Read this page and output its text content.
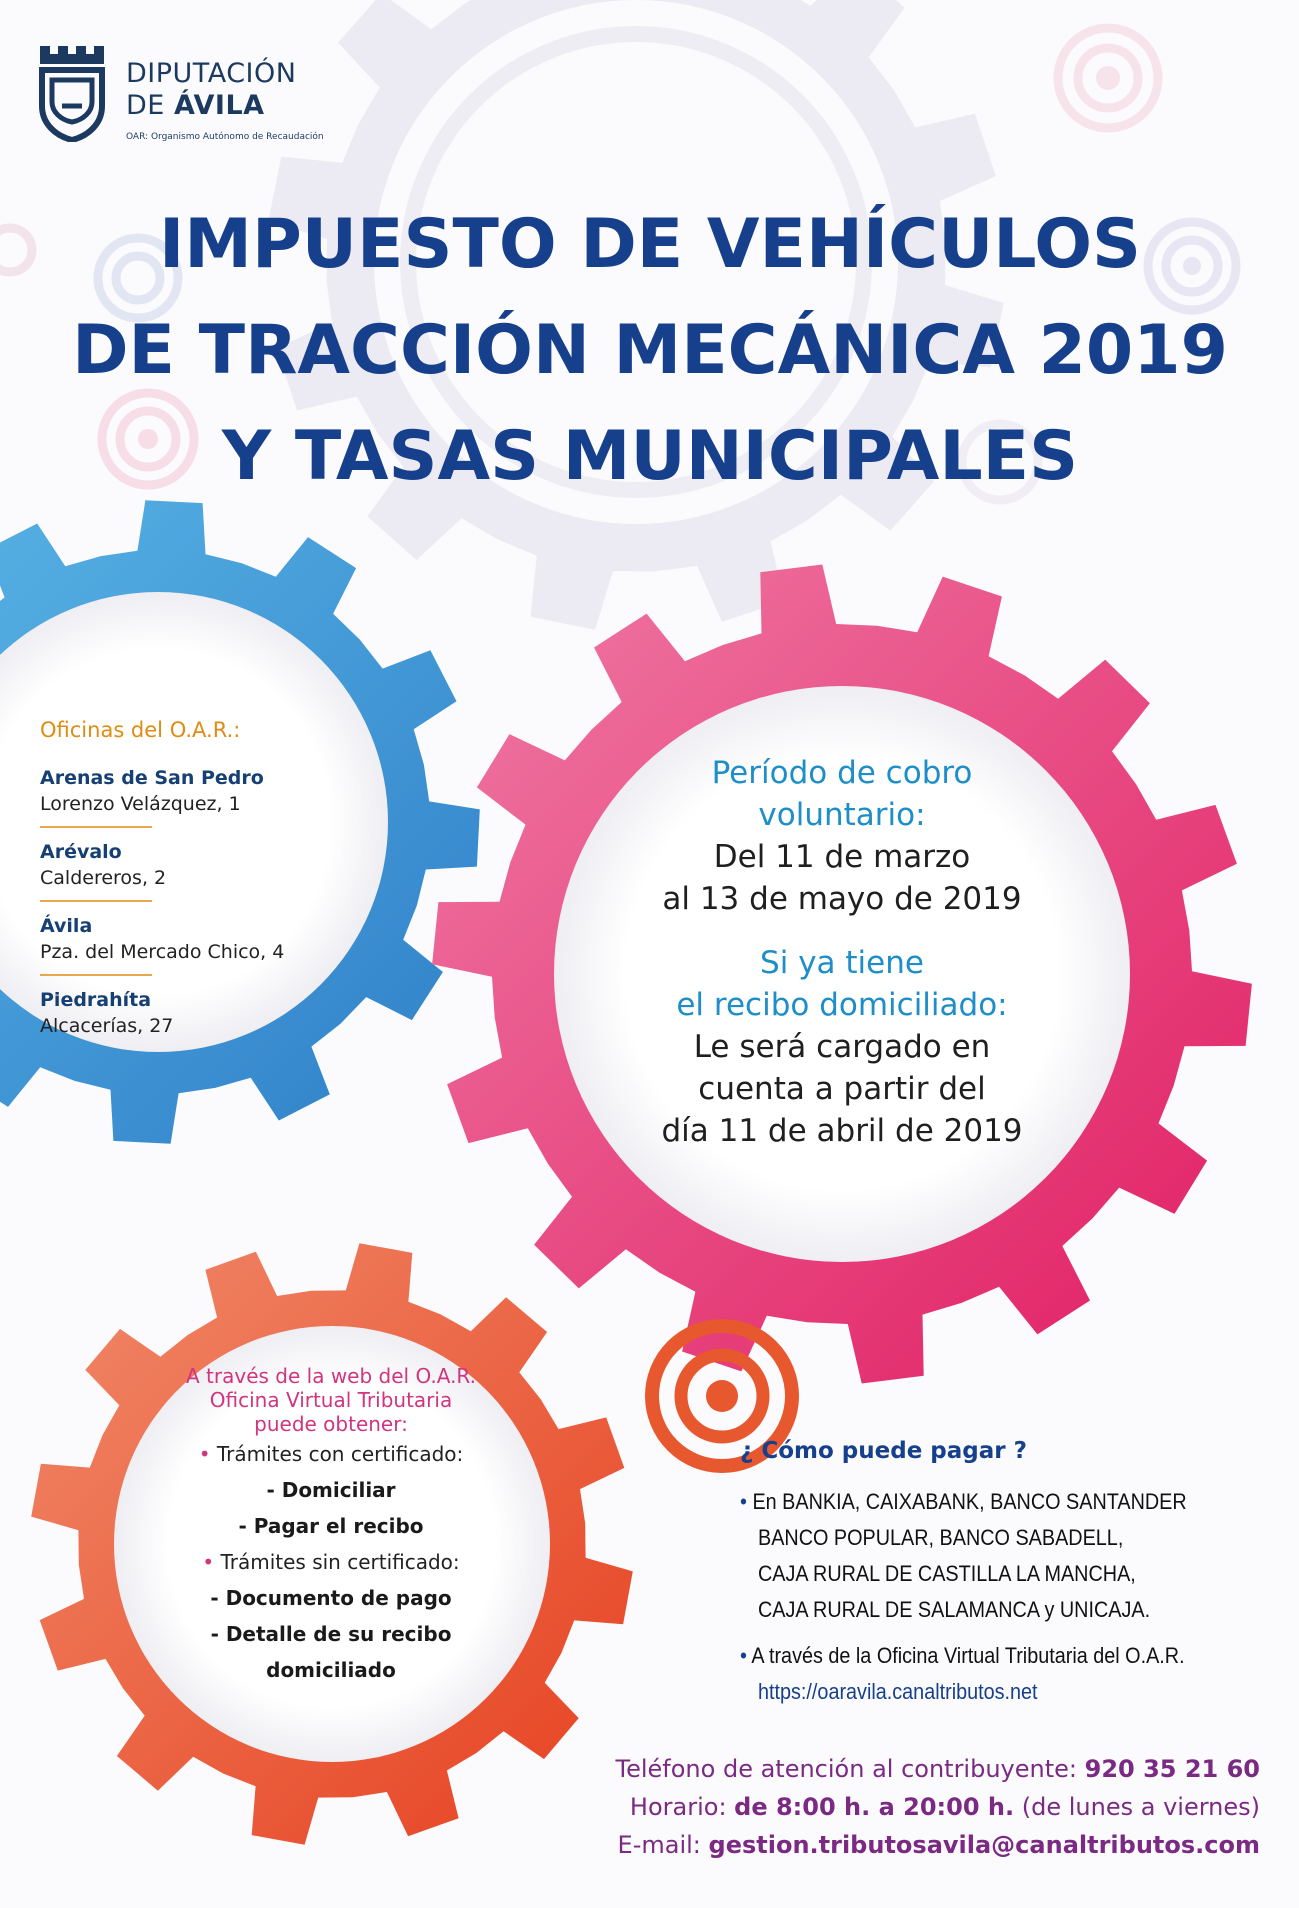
DIPUTACIÓN
DE ÁVILA
OAR: Organismo Autónomo de Recaudación
IMPUESTO DE VEHÍCULOS
DE TRACCIÓN MECÁNICA 2019
Y TASAS MUNICIPALES
Oficinas del O.A.R.:
Arenas de San Pedro
Lorenzo Velázquez, 1
Arévalo
Caldereros, 2
Ávila
Pza. del Mercado Chico, 4
Piedrahíta
Alcacerías, 27
Período de cobro
voluntario:
Del 11 de marzo
al 13 de mayo de 2019
Si ya tiene
el recibo domiciliado:
Le será cargado en
cuenta a partir del
día 11 de abril de 2019
A través de la web del O.A.R.
Oficina Virtual Tributaria
puede obtener:
• Trámites con certificado:
- Domiciliar
- Pagar el recibo
• Trámites sin certificado:
- Documento de pago
- Detalle de su recibo
domiciliado
¿ Cómo puede pagar ?
• En BANKIA, CAIXABANK, BANCO SANTANDER
BANCO POPULAR, BANCO SABADELL,
CAJA RURAL DE CASTILLA LA MANCHA,
CAJA RURAL DE SALAMANCA y UNICAJA.
• A través de la Oficina Virtual Tributaria del O.A.R.
https://oaravila.canaltributos.net
Teléfono de atención al contribuyente: 920 35 21 60
Horario: de 8:00 h. a 20:00 h. (de lunes a viernes)
E-mail: gestion.tributosavila@canaltributos.com
